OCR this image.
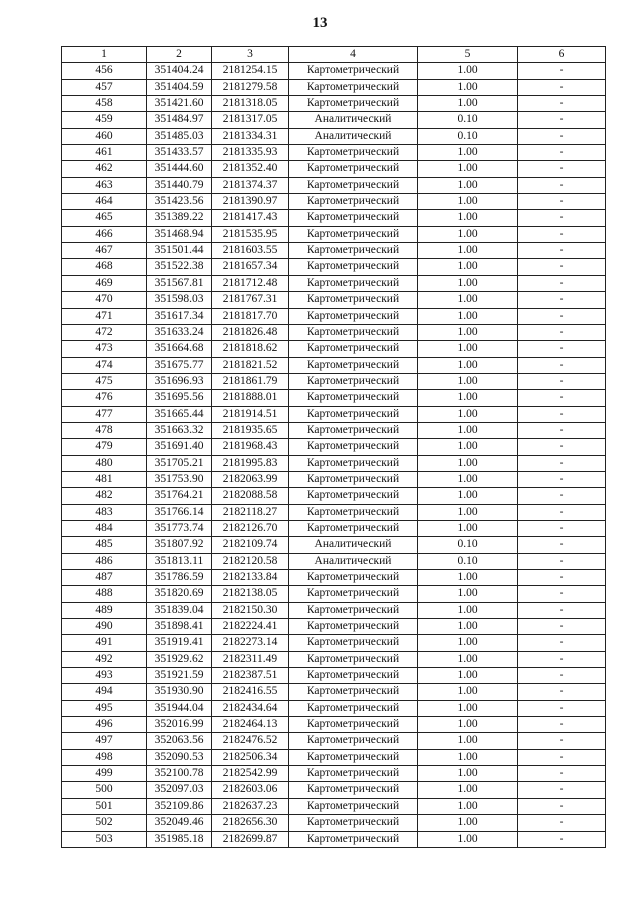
13
1	2	3	4	5	6
456	351404.24	2181254.15	Картометрический	1.00	-
457	351404.59	2181279.58	Картометрический	1.00	-
458	351421.60	2181318.05	Картометрический	1.00	-
459	351484.97	2181317.05	Аналитический	0.10	-
460	351485.03	2181334.31	Аналитический	0.10	-
461	351433.57	2181335.93	Картометрический	1.00	-
462	351444.60	2181352.40	Картометрический	1.00	-
463	351440.79	2181374.37	Картометрический	1.00	-
464	351423.56	2181390.97	Картометрический	1.00	-
465	351389.22	2181417.43	Картометрический	1.00	-
466	351468.94	2181535.95	Картометрический	1.00	-
467	351501.44	2181603.55	Картометрический	1.00	-
468	351522.38	2181657.34	Картометрический	1.00	-
469	351567.81	2181712.48	Картометрический	1.00	-
470	351598.03	2181767.31	Картометрический	1.00	-
471	351617.34	2181817.70	Картометрический	1.00	-
472	351633.24	2181826.48	Картометрический	1.00	-
473	351664.68	2181818.62	Картометрический	1.00	-
474	351675.77	2181821.52	Картометрический	1.00	-
475	351696.93	2181861.79	Картометрический	1.00	-
476	351695.56	2181888.01	Картометрический	1.00	-
477	351665.44	2181914.51	Картометрический	1.00	-
478	351663.32	2181935.65	Картометрический	1.00	-
479	351691.40	2181968.43	Картометрический	1.00	-
480	351705.21	2181995.83	Картометрический	1.00	-
481	351753.90	2182063.99	Картометрический	1.00	-
482	351764.21	2182088.58	Картометрический	1.00	-
483	351766.14	2182118.27	Картометрический	1.00	-
484	351773.74	2182126.70	Картометрический	1.00	-
485	351807.92	2182109.74	Аналитический	0.10	-
486	351813.11	2182120.58	Аналитический	0.10	-
487	351786.59	2182133.84	Картометрический	1.00	-
488	351820.69	2182138.05	Картометрический	1.00	-
489	351839.04	2182150.30	Картометрический	1.00	-
490	351898.41	2182224.41	Картометрический	1.00	-
491	351919.41	2182273.14	Картометрический	1.00	-
492	351929.62	2182311.49	Картометрический	1.00	-
493	351921.59	2182387.51	Картометрический	1.00	-
494	351930.90	2182416.55	Картометрический	1.00	-
495	351944.04	2182434.64	Картометрический	1.00	-
496	352016.99	2182464.13	Картометрический	1.00	-
497	352063.56	2182476.52	Картометрический	1.00	-
498	352090.53	2182506.34	Картометрический	1.00	-
499	352100.78	2182542.99	Картометрический	1.00	-
500	352097.03	2182603.06	Картометрический	1.00	-
501	352109.86	2182637.23	Картометрический	1.00	-
502	352049.46	2182656.30	Картометрический	1.00	-
503	351985.18	2182699.87	Картометрический	1.00	-
